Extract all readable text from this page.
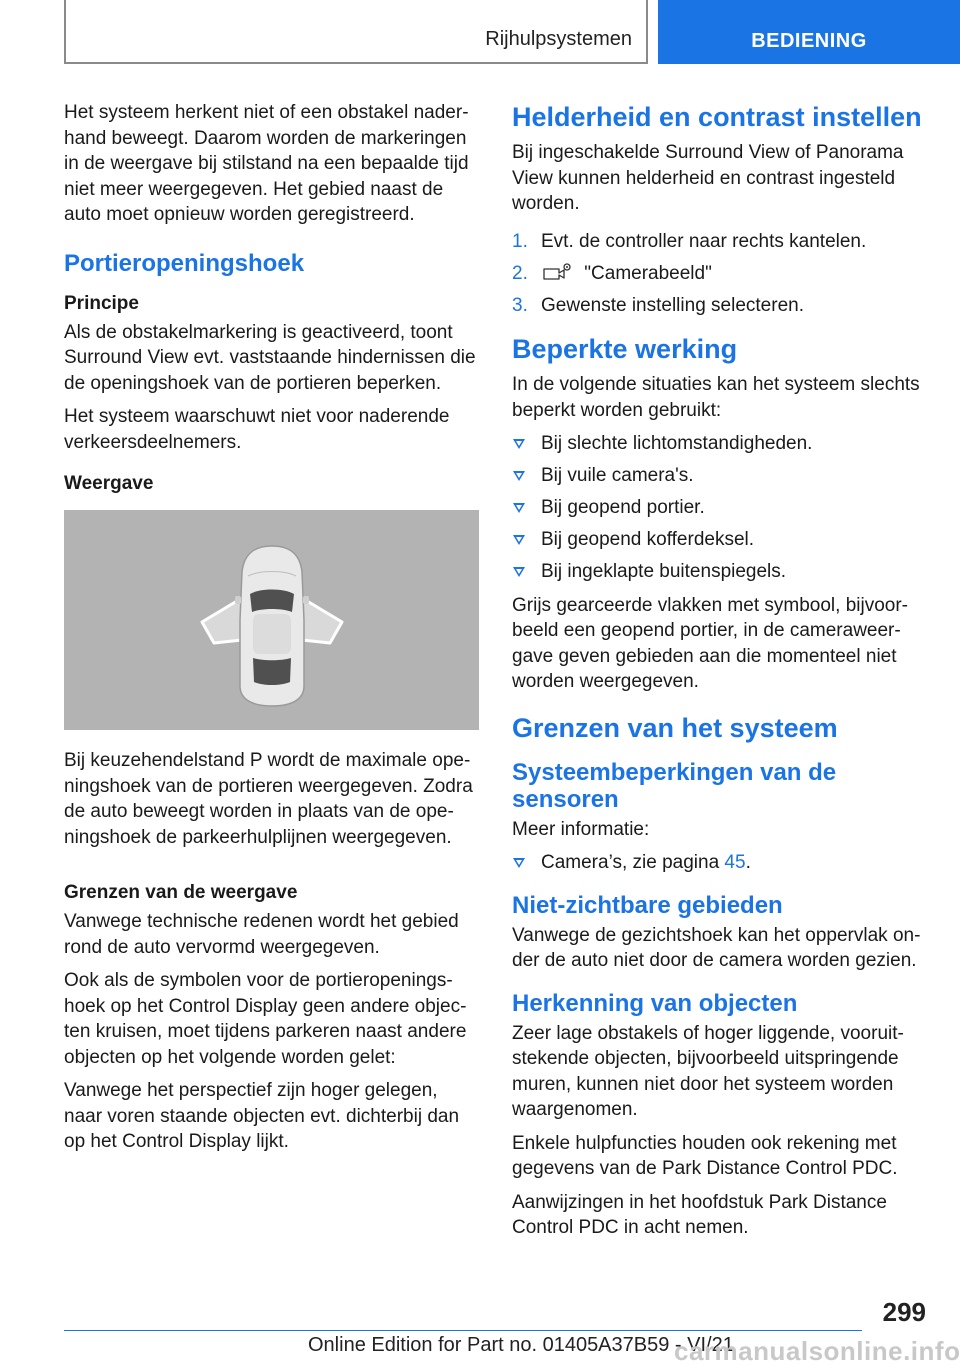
Rijhulpsystemen	BEDIENING

Het systeem herkent niet of een obstakel naderhand beweegt. Daarom worden de markeringen in de weergave bij stilstand na een bepaalde tijd niet meer weergegeven. Het gebied naast de auto moet opnieuw worden geregistreerd.

Portieropeningshoek
Principe

Als de obstakelmarkering is geactiveerd, toont Surround View evt. vaststaande hindernissen die de openingshoek van de portieren beperken.

Het systeem waarschuwt niet voor naderende verkeersdeelnemers.

Weergave

Bij keuzehendelstand P wordt de maximale openingshoek van de portieren weergegeven. Zodra de auto beweegt worden in plaats van de openingshoek de parkeerhulplijnen weergegeven.

Grenzen van de weergave

Vanwege technische redenen wordt het gebied rond de auto vervormd weergegeven.

Ook als de symbolen voor de portieropeningshoek op het Control Display geen andere objecten kruisen, moet tijdens parkeren naast andere objecten op het volgende worden gelet:

Vanwege het perspectief zijn hoger gelegen, naar voren staande objecten evt. dichterbij dan op het Control Display lijkt.

Helderheid en contrast instellen

Bij ingeschakelde Surround View of Panorama View kunnen helderheid en contrast ingesteld worden.

1. Evt. de controller naar rechts kantelen.
2.	"Camerabeeld"
3. Gewenste instelling selecteren.
Beperkte werking

In de volgende situaties kan het systeem slechts beperkt worden gebruikt:

Bij slechte lichtomstandigheden.
Bij vuile camera's.
Bij geopend portier.
Bij geopend kofferdeksel.
Bij ingeklapte buitenspiegels.

Grijs gearceerde vlakken met symbool, bijvoorbeeld een geopend portier, in de cameraweergave geven gebieden aan die momenteel niet worden weergegeven.

Grenzen van het systeem
Systeembeperkingen van de sensoren

Meer informatie:

Camera’s, zie pagina 45.
Niet-zichtbare gebieden

Vanwege de gezichtshoek kan het oppervlak onder de auto niet door de camera worden gezien.

Herkenning van objecten

Zeer lage obstakels of hoger liggende, vooruitstekende objecten, bijvoorbeeld uitspringende muren, kunnen niet door het systeem worden waargenomen.

Enkele hulpfuncties houden ook rekening met gegevens van de Park Distance Control PDC.

Aanwijzingen in het hoofdstuk Park Distance Control PDC in acht nemen.

299
Online Edition for Part no. 01405A37B59 - VI/21
carmanualsonline.info
